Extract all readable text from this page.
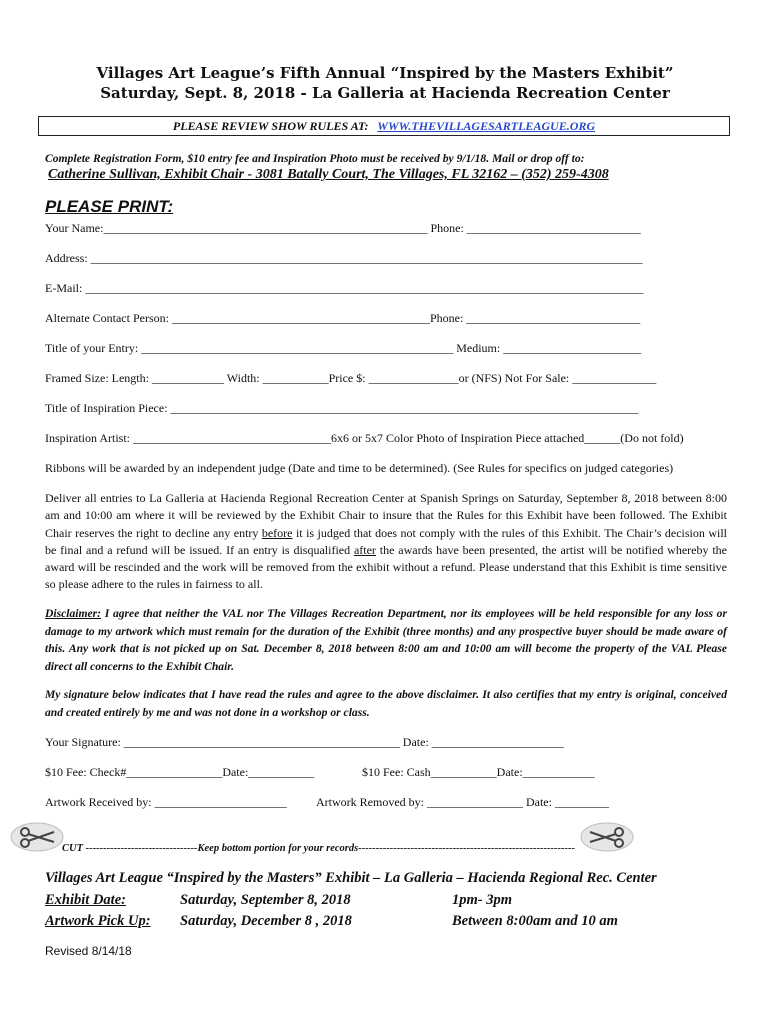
Villages Art League’s Fifth Annual “Inspired by the Masters Exhibit”
Saturday, Sept. 8, 2018 - La Galleria at Hacienda Recreation Center
PLEASE REVIEW SHOW RULES AT: WWW.THEVILLAGESARTLEAGUE.ORG
Complete Registration Form, $10 entry fee and Inspiration Photo must be received by 9/1/18. Mail or drop off to:
Catherine Sullivan, Exhibit Chair - 3081 Batally Court, The Villages, FL 32162 – (352) 259-4308
PLEASE PRINT:
Your Name:______________________________________________________ Phone: _____________________________
Address: ____________________________________________________________________________________________
E-Mail: _____________________________________________________________________________________________
Alternate Contact Person: ___________________________________________Phone: _____________________________
Title of your Entry: ____________________________________________________ Medium: _______________________
Framed Size: Length: ____________ Width: ___________Price $: _______________or (NFS) Not For Sale: ______________
Title of Inspiration Piece: ______________________________________________________________________________
Inspiration Artist: _________________________________6x6 or 5x7 Color Photo of Inspiration Piece attached______(Do not fold)
Ribbons will be awarded by an independent judge (Date and time to be determined). (See Rules for specifics on judged categories)
Deliver all entries to La Galleria at Hacienda Regional Recreation Center at Spanish Springs on Saturday, September 8, 2018 between 8:00 am and 10:00 am where it will be reviewed by the Exhibit Chair to insure that the Rules for this Exhibit have been followed. The Exhibit Chair reserves the right to decline any entry before it is judged that does not comply with the rules of this Exhibit. The Chair’s decision will be final and a refund will be issued. If an entry is disqualified after the awards have been presented, the artist will be notified whereby the award will be rescinded and the work will be removed from the exhibit without a refund. Please understand that this Exhibit is time sensitive so please adhere to the rules in fairness to all.
Disclaimer: I agree that neither the VAL nor The Villages Recreation Department, nor its employees will be held responsible for any loss or damage to my artwork which must remain for the duration of the Exhibit (three months) and any prospective buyer should be made aware of this. Any work that is not picked up on Sat. December 8, 2018 between 8:00 am and 10:00 am will become the property of the VAL Please direct all concerns to the Exhibit Chair.
My signature below indicates that I have read the rules and agree to the above disclaimer. It also certifies that my entry is original, conceived and created entirely by me and was not done in a workshop or class.
Your Signature: ______________________________________________ Date: ______________________
$10 Fee: Check#________________Date:___________	$10 Fee: Cash___________Date:____________
Artwork Received by: ______________________ Artwork Removed by: ________________ Date: _________
CUT --------------------------------Keep bottom portion for your records--------------------------------------------------------------
Villages Art League “Inspired by the Masters” Exhibit – La Galleria – Hacienda Regional Rec. Center
Exhibit Date:	Saturday, September 8, 2018	1pm- 3pm
Artwork Pick Up: Saturday, December 8 , 2018	Between 8:00am and 10 am
Revised 8/14/18
